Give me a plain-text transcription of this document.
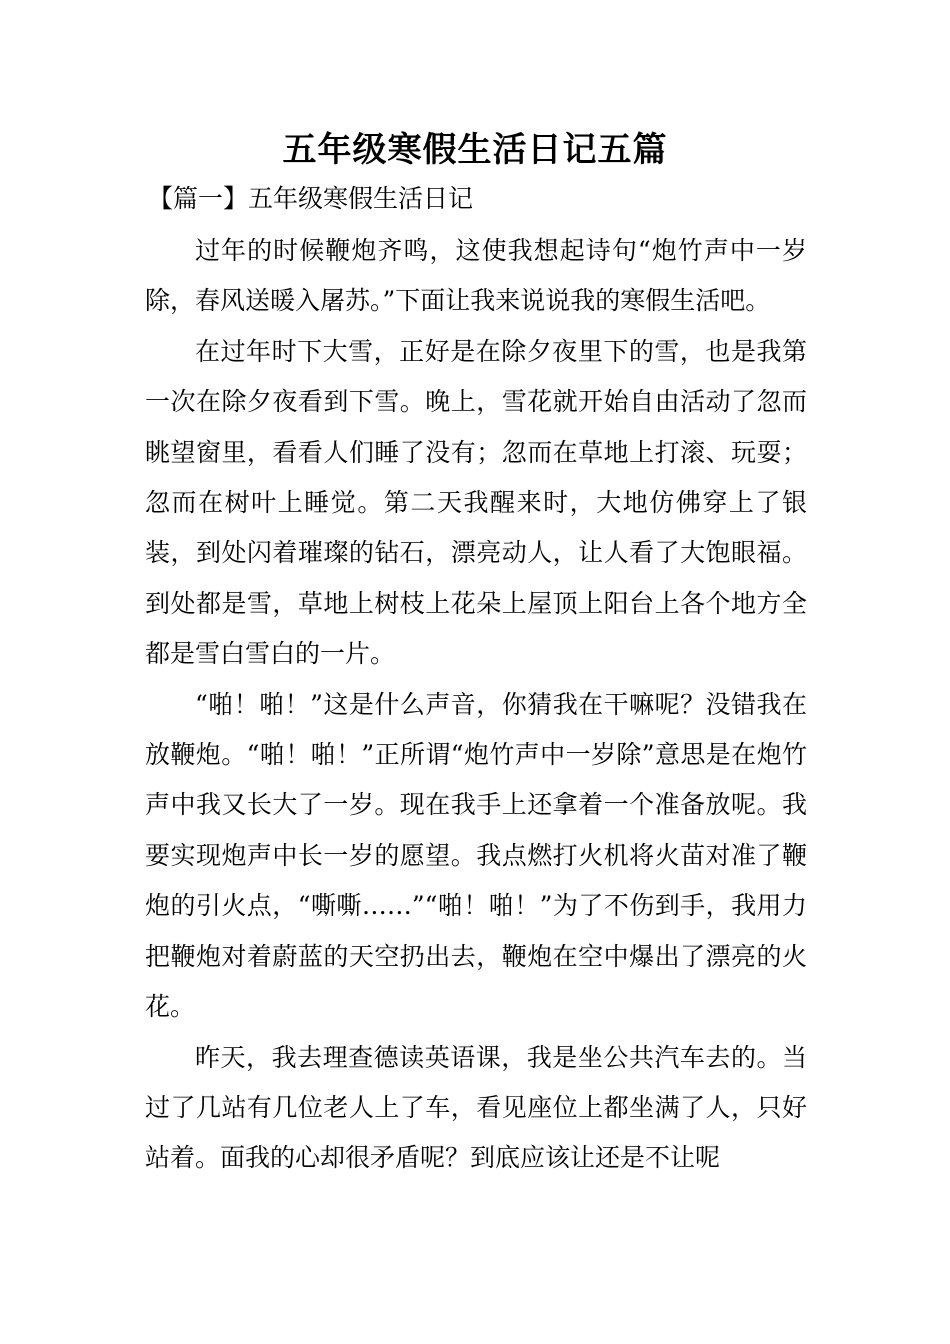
五年级寒假生活日记五篇
【篇一】五年级寒假生活日记

过年的时候鞭炮齐鸣，这使我想起诗句“炮竹声中一岁除，春风送暖入屠苏。”下面让我来说说我的寒假生活吧。

在过年时下大雪，正好是在除夕夜里下的雪，也是我第一次在除夕夜看到下雪。晚上，雪花就开始自由活动了忽而眺望窗里，看看人们睡了没有；忽而在草地上打滚、玩耍；忽而在树叶上睡觉。第二天我醒来时，大地仿佛穿上了银装，到处闪着璀璨的钻石，漂亮动人，让人看了大饱眼福。到处都是雪，草地上树枝上花朵上屋顶上阳台上各个地方全都是雪白雪白的一片。

“啪！啪！”这是什么声音，你猜我在干嘛呢？没错我在放鞭炮。“啪！啪！”正所谓“炮竹声中一岁除”意思是在炮竹声中我又长大了一岁。现在我手上还拿着一个准备放呢。我要实现炮声中长一岁的愿望。我点燃打火机将火苗对准了鞭炮的引火点，“嘶嘶……”“啪！啪！”为了不伤到手，我用力把鞭炮对着蔚蓝的天空扔出去，鞭炮在空中爆出了漂亮的火花。

昨天，我去理查德读英语课，我是坐公共汽车去的。当过了几站有几位老人上了车，看见座位上都坐满了人，只好站着。面我的心却很矛盾呢？到底应该让还是不让呢
